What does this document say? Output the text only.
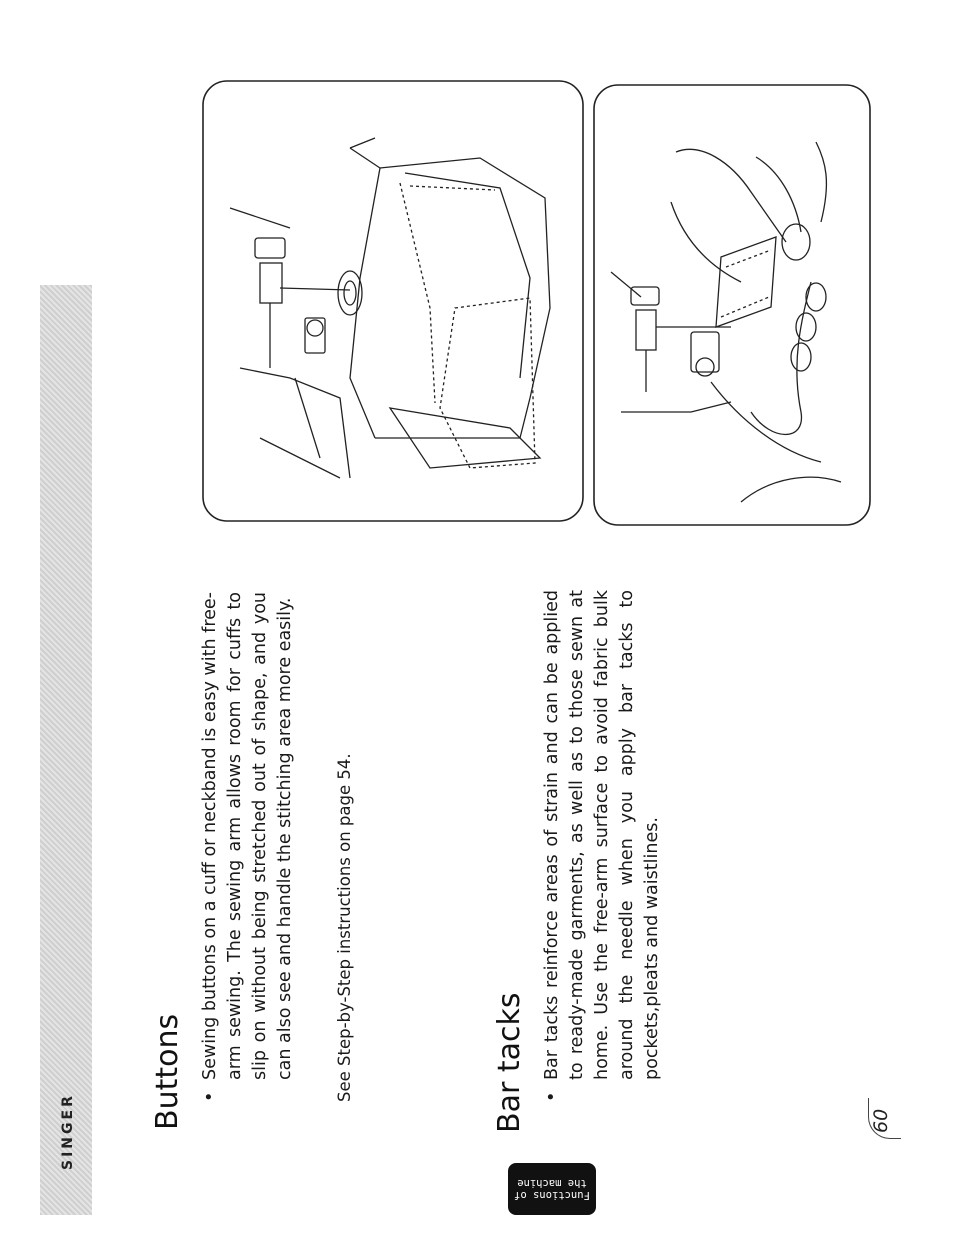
SINGER
Buttons •
Sewing buttons on a cuff or neckband is easy with free-arm sewing. The sewing arm allows room for cuffs to slip on without being stretched out of shape, and you can also see and handle the stitching area more easily. See Step-by-Step instructions on page 54.	Bar tacks •
Bar tacks reinforce areas of strain and can be applied to ready-made garments, as well as to those sewn at home. Use the free-arm surface to avoid fabric bulk around the needle when you apply bar tacks to pockets,pleats and waistlines.
Functions of
the machine
60
